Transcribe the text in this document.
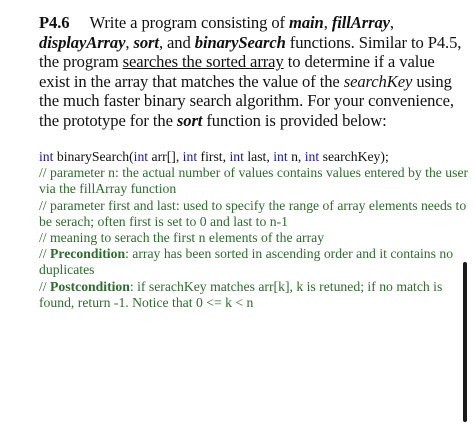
P4.6 Write a program consisting of main, fillArray, displayArray, sort, and binarySearch functions. Similar to P4.5, the program searches the sorted array to determine if a value exist in the array that matches the value of the searchKey using the much faster binary search algorithm. For your convenience, the prototype for the sort function is provided below:

int binarySearch(int arr[], int first, int last, int n, int searchKey);

// parameter n: the actual number of values contains values entered by the user via the fillArray function

// parameter first and last: used to specify the range of array elements needs to be serach; often first is set to 0 and last to n-1

// meaning to serach the first n elements of the array

// Precondition: array has been sorted in ascending order and it contains no duplicates

// Postcondition: if serachKey matches arr[k], k is retuned; if no match is found, return -1. Notice that 0 <= k < n
